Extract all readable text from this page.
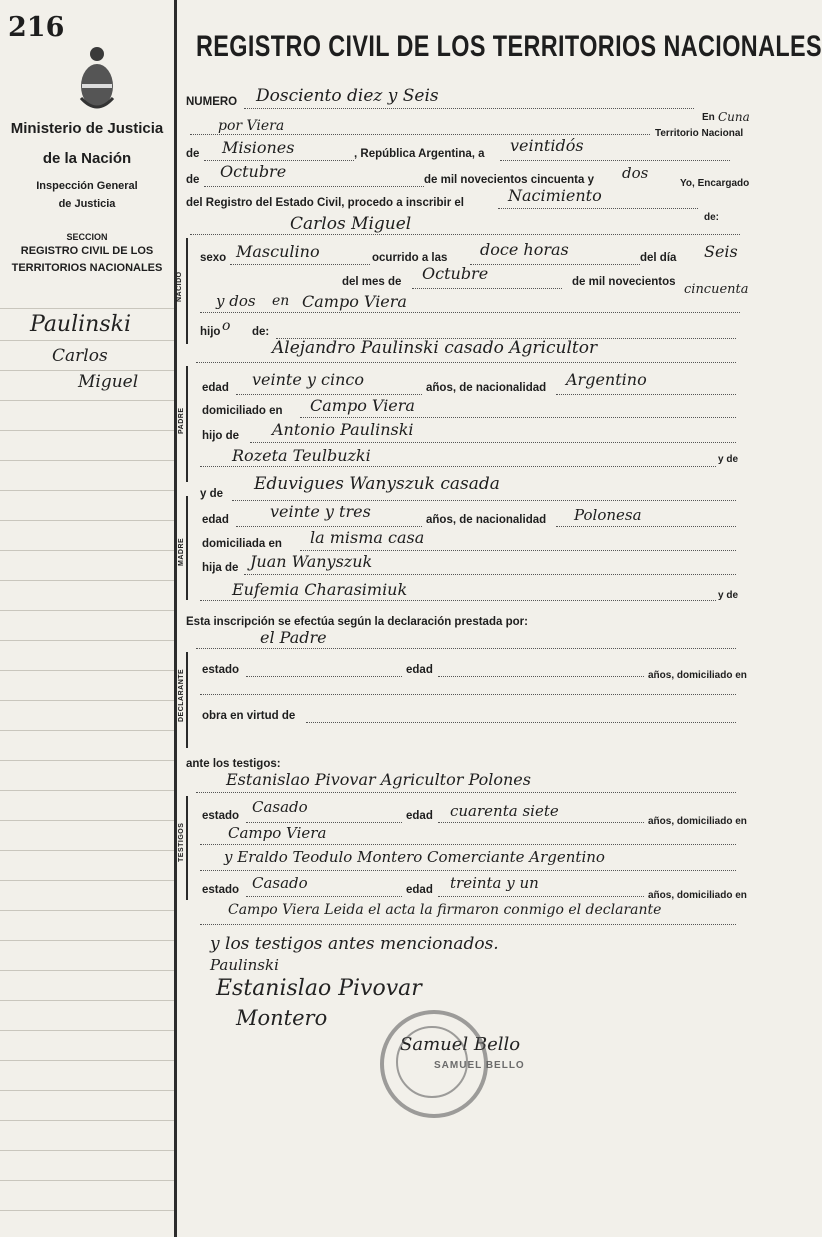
216
Ministerio de Justicia
de la Nación
Inspección General
de Justicia
SECCION
REGISTRO CIVIL DE LOS
TERRITORIOS NACIONALES
Paulinski
Carlos
Miguel
REGISTRO CIVIL DE LOS TERRITORIOS NACIONALES
NUMERO Dosciento diez y Seis
En Cuna
por Viera	Territorio Nacional
de Misiones	, República Argentina, a veintidós
de Octubre	de mil novecientos cincuenta y dos
Yo, Encargado
del Registro del Estado Civil, procedo a inscribir el	Nacimiento
de:
Carlos Miguel
NACIDO
sexo Masculino	ocurrido a las doce horas	del día Seis
del mes de Octubre	de mil novecientos cincuenta
y dos en Campo Viera
hijo o de:
Alejandro Paulinski casado Agricultor
PADRE
edad veinte y cinco	años, de nacionalidad Argentino
domiciliado en Campo Viera
hijo de Antonio Paulinski
Rozeta Teulbuzki	y de
y de Eduvigues Wanyszuk casada
MADRE
edad	veinte y tres	años, de nacionalidad Polonesa
domiciliada en la misma casa
hija de Juan Wanyszuk
Eufemia Charasimiuk	y de
Esta inscripción se efectúa según la declaración prestada por:
el Padre
DECLARANTE estado	edad	años, domiciliado en
obra en virtud de
ante los testigos:
Estanislao Pivovar Agricultor Polones
TESTIGOS
estado Casado	edad cuarenta siete
años, domiciliado en
Campo Viera
y Eraldo Teodulo Montero Comerciante Argentino
estado Casado	edad treinta y un
años, domiciliado en
Campo Viera Leida el acta la firmaron conmigo el declarante
y los testigos antes mencionados.
Paulinski
Estanislao Pivovar
Montero
Samuel Bello
SAMUEL BELLO
